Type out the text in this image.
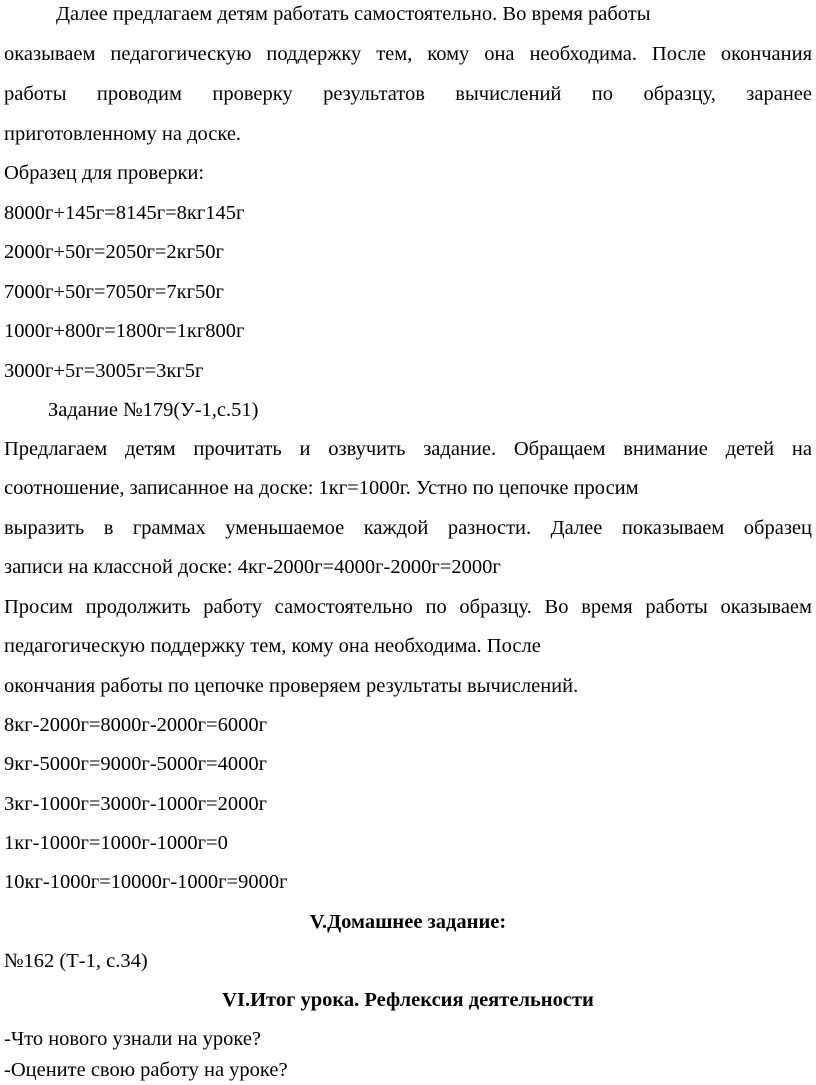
Далее предлагаем детям работать самостоятельно. Во время работы
оказываем педагогическую поддержку тем, кому она необходима. После окончания
работы проводим проверку результатов вычислений по образцу, заранее
приготовленному на доске.
Образец для проверки:
8000г+145г=8145г=8кг145г
2000г+50г=2050г=2кг50г
7000г+50г=7050г=7кг50г
1000г+800г=1800г=1кг800г
3000г+5г=3005г=3кг5г
Задание №179(У-1,с.51)
Предлагаем детям прочитать и озвучить задание. Обращаем внимание детей на
соотношение, записанное на доске: 1кг=1000г. Устно по цепочке просим
выразить в граммах уменьшаемое каждой разности. Далее показываем образец
записи на классной доске: 4кг-2000г=4000г-2000г=2000г
Просим продолжить работу самостоятельно по образцу. Во время работы оказываем
педагогическую поддержку тем, кому она необходима. После
окончания работы по цепочке проверяем результаты вычислений.
8кг-2000г=8000г-2000г=6000г
9кг-5000г=9000г-5000г=4000г
3кг-1000г=3000г-1000г=2000г
1кг-1000г=1000г-1000г=0
10кг-1000г=10000г-1000г=9000г
V.Домашнее задание:
№162 (Т-1, с.34)
VI.Итог урока. Рефлексия деятельности
-Что нового узнали на уроке?
-Оцените свою работу на уроке?
